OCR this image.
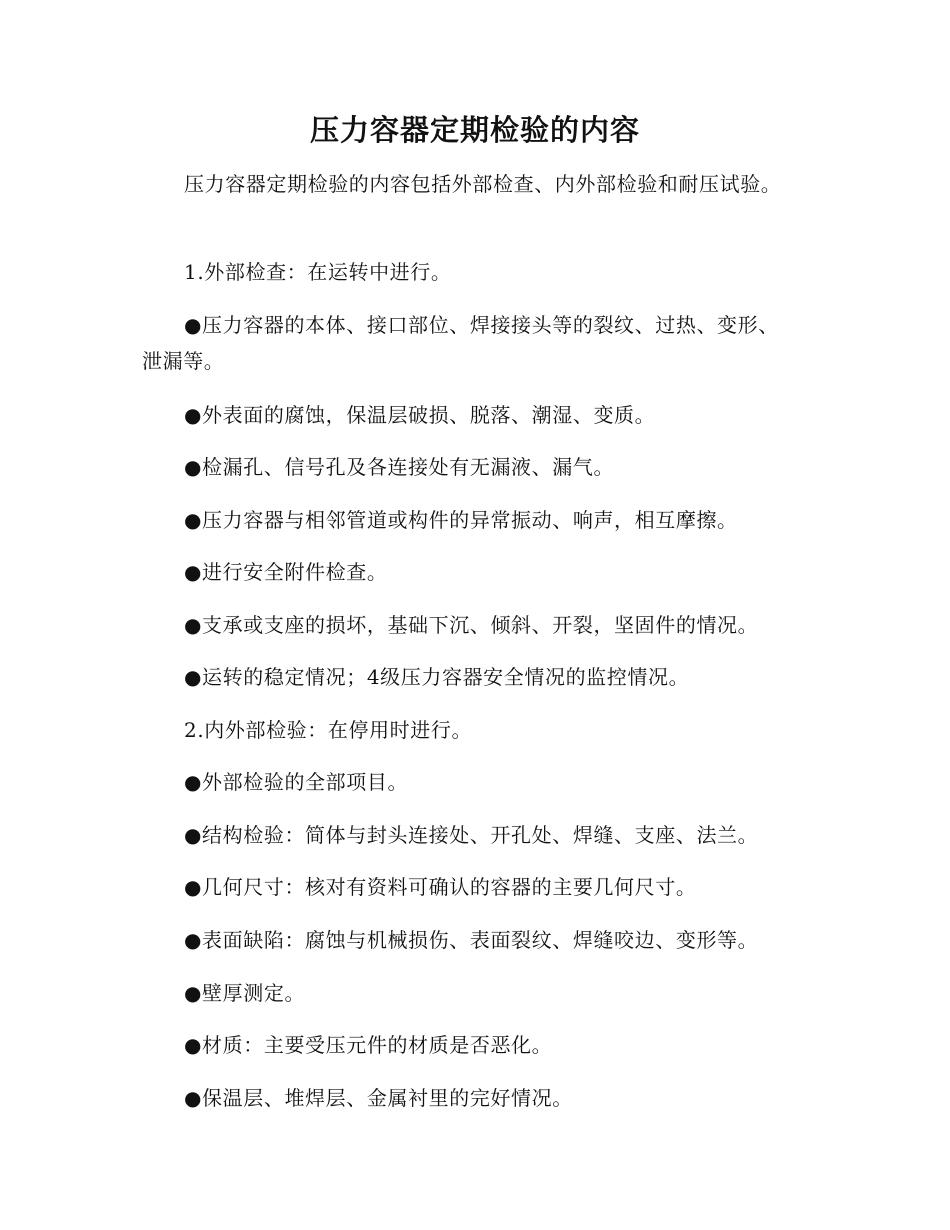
压力容器定期检验的内容

压力容器定期检验的内容包括外部检查、内外部检验和耐压试验。

1.外部检查：在运转中进行。

●压力容器的本体、接口部位、焊接接头等的裂纹、过热、变形、泄漏等。

●外表面的腐蚀，保温层破损、脱落、潮湿、变质。

●检漏孔、信号孔及各连接处有无漏液、漏气。

●压力容器与相邻管道或构件的异常振动、响声，相互摩擦。

●进行安全附件检查。

●支承或支座的损坏，基础下沉、倾斜、开裂，坚固件的情况。

●运转的稳定情况；4级压力容器安全情况的监控情况。

2.内外部检验：在停用时进行。

●外部检验的全部项目。

●结构检验：简体与封头连接处、开孔处、焊缝、支座、法兰。

●几何尺寸：核对有资料可确认的容器的主要几何尺寸。

●表面缺陷：腐蚀与机械损伤、表面裂纹、焊缝咬边、变形等。

●壁厚测定。

●材质：主要受压元件的材质是否恶化。

●保温层、堆焊层、金属衬里的完好情况。
